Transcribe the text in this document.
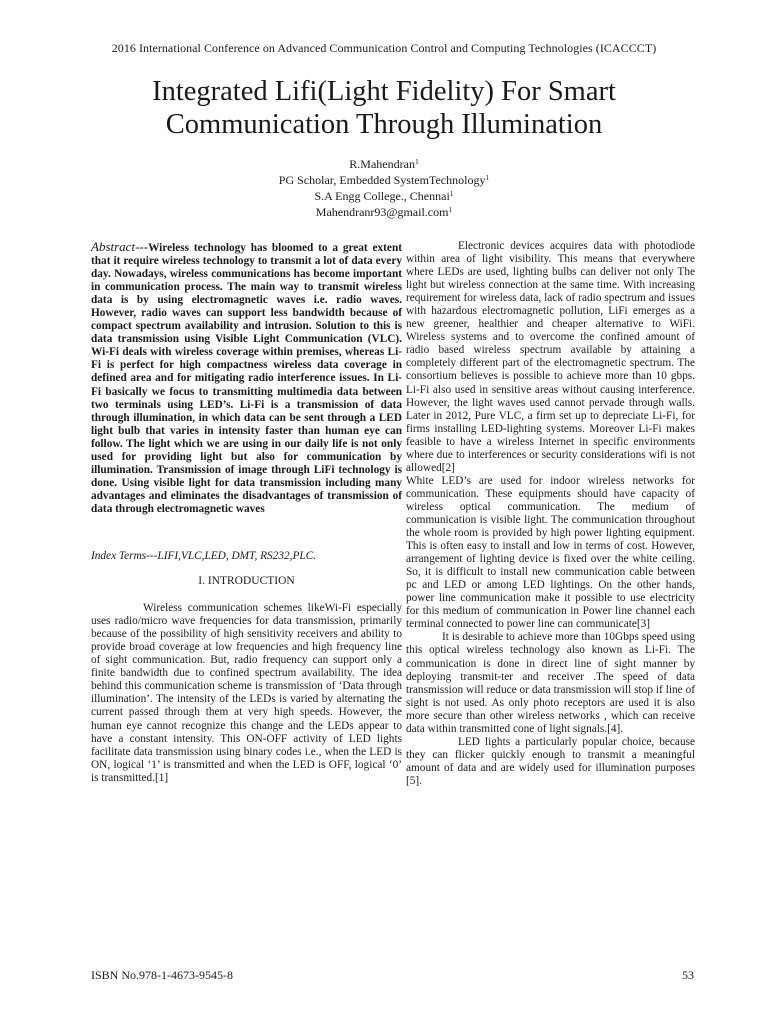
2016 International Conference on Advanced Communication Control and Computing Technologies (ICACCCT)
Integrated Lifi(Light Fidelity) For Smart Communication Through Illumination
R.Mahendran$^1$
PG Scholar, Embedded SystemTechnology$^1$
S.A Engg College., Chennai$^1$
Mahendranr93@gmail.com$^1$

Abstract---Wireless technology has bloomed to a great extent that it require wireless technology to transmit a lot of data every day. Nowadays, wireless communications has become important in communication process. The main way to transmit wireless data is by using electromagnetic waves i.e. radio waves. However, radio waves can support less bandwidth because of compact spectrum availability and intrusion. Solution to this is data transmission using Visible Light Communication (VLC). Wi-Fi deals with wireless coverage within premises, whereas Li-Fi is perfect for high compactness wireless data coverage in defined area and for mitigating radio interference issues. In Li-Fi basically we focus to transmitting multimedia data between two terminals using LED’s. Li-Fi is a transmission of data through illumination, in which data can be sent through a LED light bulb that varies in intensity faster than human eye can follow. The light which we are using in our daily life is not only used for providing light but also for communication by illumination. Transmission of image through LiFi technology is done. Using visible light for data transmission including many advantages and eliminates the disadvantages of transmission of data through electromagnetic waves

Index Terms---LIFI,VLC,LED, DMT, RS232,PLC.

I. INTRODUCTION

Wireless communication schemes likeWi-Fi especially uses radio/micro wave frequencies for data transmission, primarily because of the possibility of high sensitivity receivers and ability to provide broad coverage at low frequencies and high frequency line of sight communication. But, radio frequency can support only a finite bandwidth due to confined spectrum availability. The idea behind this communication scheme is transmission of ‘Data through illumination’. The intensity of the LEDs is varied by alternating the current passed through them at very high speeds. However, the human eye cannot recognize this change and the LEDs appear to have a constant intensity. This ON-OFF activity of LED lights facilitate data transmission using binary codes i.e., when the LED is ON, logical ‘1’ is transmitted and when the LED is OFF, logical ‘0’ is transmitted.[1]

Electronic devices acquires data with photodiode within area of light visibility. This means that everywhere where LEDs are used, lighting bulbs can deliver not only The light but wireless connection at the same time. With increasing requirement for wireless data, lack of radio spectrum and issues with hazardous electromagnetic pollution, LiFi emerges as a new greener, healthier and cheaper alternative to WiFi. Wireless systems and to overcome the confined amount of radio based wireless spectrum available by attaining a completely different part of the electromagnetic spectrum. The consortium believes is possible to achieve more than 10 gbps. Li-Fi also used in sensitive areas without causing interference. However, the light waves used cannot pervade through walls. Later in 2012, Pure VLC, a firm set up to depreciate Li-Fi, for firms installing LED-lighting systems. Moreover Li-Fi makes feasible to have a wireless Internet in specific environments where due to interferences or security considerations wifi is not allowed[2]

White LED’s are used for indoor wireless networks for communication. These equipments should have capacity of wireless optical communication. The medium of communication is visible light. The communication throughout the whole room is provided by high power lighting equipment. This is often easy to install and low in terms of cost. However, arrangement of lighting device is fixed over the white ceiling. So, it is difficult to install new communication cable between pc and LED or among LED lightings. On the other hands, power line communication make it possible to use electricity for this medium of communication in Power line channel each terminal connected to power line can communicate[3]

It is desirable to achieve more than 10Gbps speed using this optical wireless technology also known as Li-Fi. The communication is done in direct line of sight manner by deploying transmit-ter and receiver .The speed of data transmission will reduce or data transmission will stop if line of sight is not used. As only photo receptors are used it is also more secure than other wireless networks , which can receive data within transmitted cone of light signals.[4].

LED lights a particularly popular choice, because they can flicker quickly enough to transmit a meaningful amount of data and are widely used for illumination purposes [5].

ISBN No.978-1-4673-9545-8	53
